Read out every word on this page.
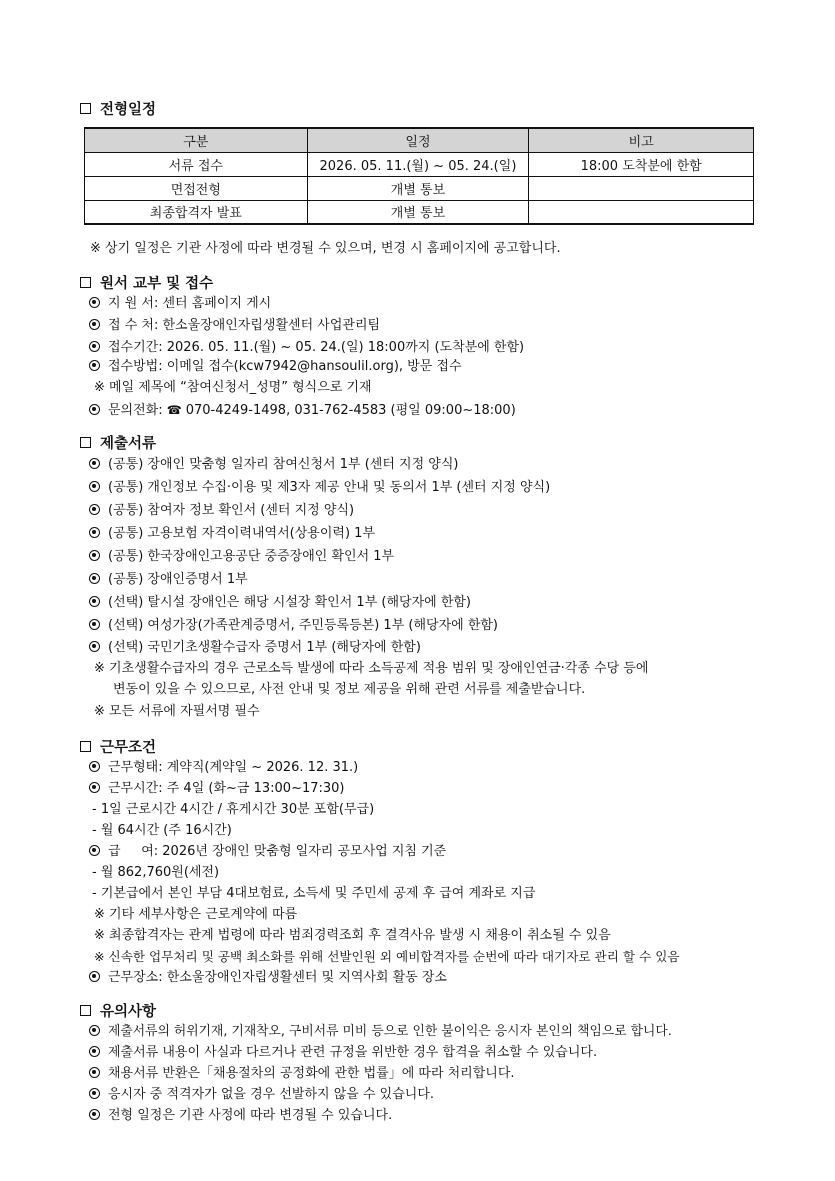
전형일정
구분	일정	비고
서류 접수	2026. 05. 11.(월) ~ 05. 24.(일)	18:00 도착분에 한함
면접전형	개별 통보	
최종합격자 발표	개별 통보	
※ 상기 일정은 기관 사정에 따라 변경될 수 있으며, 변경 시 홈페이지에 공고합니다.
원서 교부 및 접수
지 원 서: 센터 홈페이지 게시
접 수 처: 한소울장애인자립생활센터 사업관리팀
접수기간: 2026. 05. 11.(월) ~ 05. 24.(일) 18:00까지 (도착분에 한함)
접수방법: 이메일 접수(kcw7942@hansoulil.org), 방문 접수
※ 메일 제목에 “참여신청서_성명” 형식으로 기재
문의전화: ☎ 070-4249-1498, 031-762-4583 (평일 09:00~18:00)
제출서류
(공통) 장애인 맞춤형 일자리 참여신청서 1부 (센터 지정 양식)
(공통) 개인정보 수집·이용 및 제3자 제공 안내 및 동의서 1부 (센터 지정 양식)
(공통) 참여자 정보 확인서 (센터 지정 양식)
(공통) 고용보험 자격이력내역서(상용이력) 1부
(공통) 한국장애인고용공단 중증장애인 확인서 1부
(공통) 장애인증명서 1부
(선택) 탈시설 장애인은 해당 시설장 확인서 1부 (해당자에 한함)
(선택) 여성가장(가족관계증명서, 주민등록등본) 1부 (해당자에 한함)
(선택) 국민기초생활수급자 증명서 1부 (해당자에 한함)
※ 기초생활수급자의 경우 근로소득 발생에 따라 소득공제 적용 범위 및 장애인연금·각종 수당 등에
변동이 있을 수 있으므로, 사전 안내 및 정보 제공을 위해 관련 서류를 제출받습니다.
※ 모든 서류에 자필서명 필수
근무조건
근무형태: 계약직(계약일 ~ 2026. 12. 31.)
근무시간: 주 4일 (화~금 13:00~17:30)
- 1일 근로시간 4시간 / 휴게시간 30분 포함(무급)
- 월 64시간 (주 16시간)
급     여: 2026년 장애인 맞춤형 일자리 공모사업 지침 기준
- 월 862,760원(세전)
- 기본급에서 본인 부담 4대보험료, 소득세 및 주민세 공제 후 급여 계좌로 지급
※ 기타 세부사항은 근로계약에 따름
※ 최종합격자는 관계 법령에 따라 범죄경력조회 후 결격사유 발생 시 채용이 취소될 수 있음
※ 신속한 업무처리 및 공백 최소화를 위해 선발인원 외 예비합격자를 순번에 따라 대기자로 관리 할 수 있음
근무장소: 한소울장애인자립생활센터 및 지역사회 활동 장소
유의사항
제출서류의 허위기재, 기재착오, 구비서류 미비 등으로 인한 불이익은 응시자 본인의 책임으로 합니다.
제출서류 내용이 사실과 다르거나 관련 규정을 위반한 경우 합격을 취소할 수 있습니다.
채용서류 반환은「채용절차의 공정화에 관한 법률」에 따라 처리합니다.
응시자 중 적격자가 없을 경우 선발하지 않을 수 있습니다.
전형 일정은 기관 사정에 따라 변경될 수 있습니다.
